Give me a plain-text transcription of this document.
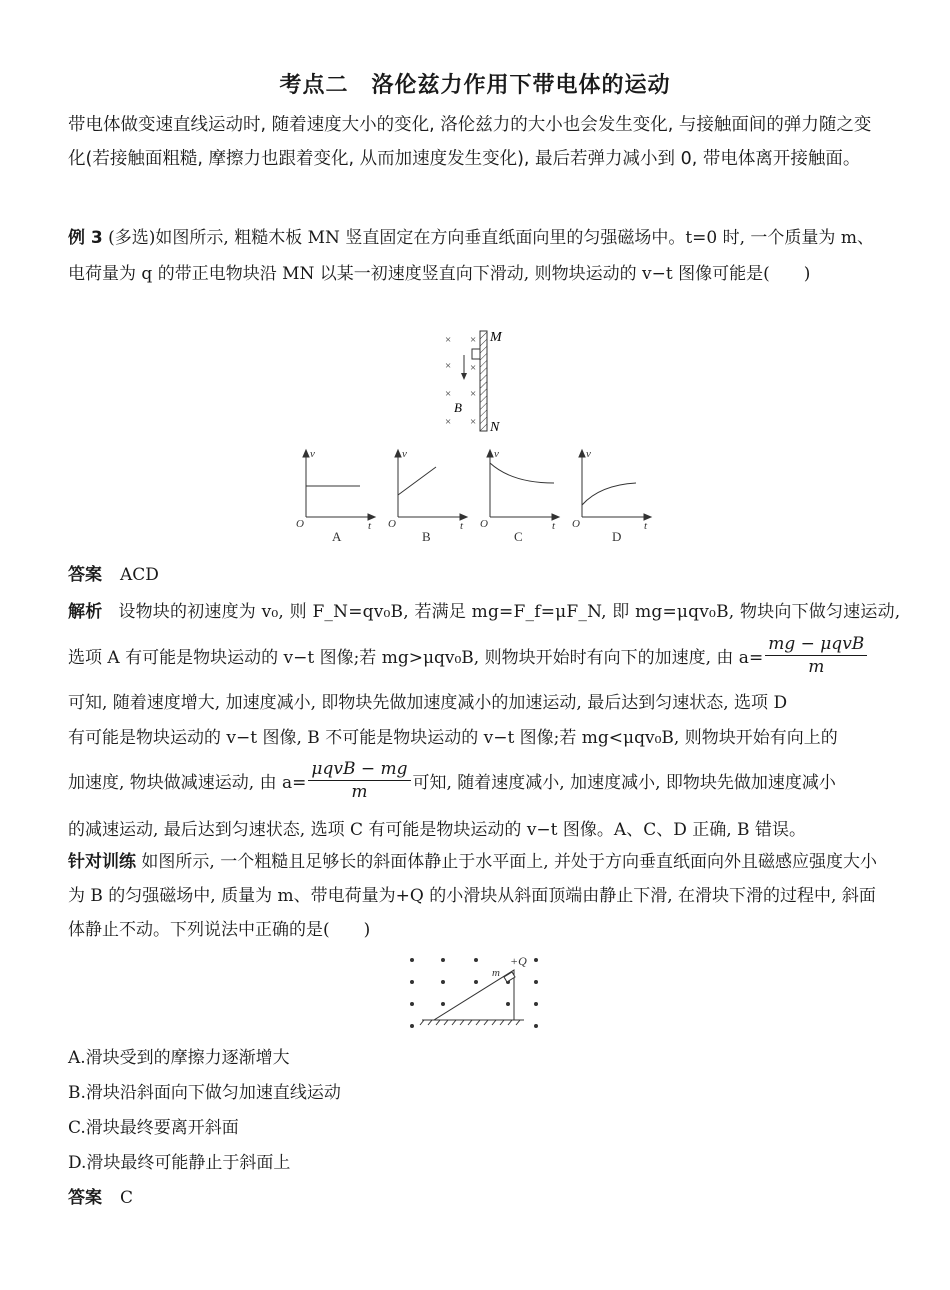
考点二　洛伦兹力作用下带电体的运动
带电体做变速直线运动时, 随着速度大小的变化, 洛伦兹力的大小也会发生变化, 与接触面间的弹力随之变化(若接触面粗糙, 摩擦力也跟着变化, 从而加速度发生变化), 最后若弹力减小到 0, 带电体离开接触面。
例 3 (多选)如图所示, 粗糙木板 MN 竖直固定在方向垂直纸面向里的匀强磁场中。t=0 时, 一个质量为 m、电荷量为 q 的带正电物块沿 MN 以某一初速度竖直向下滑动, 则物块运动的 v−t 图像可能是(　　)
M
N
× ×
× ×
× ×
× ×
B
v	v	v	v
t	t	t	t
O	O	O	O
A	B	C	D
答案 ACD
解析 设物块的初速度为 v₀, 则 F_N=qv₀B, 若满足 mg=F_f=μF_N, 即 mg=μqv₀B, 物块向下做匀速运动,
选项 A 有可能是物块运动的 v−t 图像;若 mg>μqv₀B, 则物块开始时有向下的加速度, 由 $a= \frac{\text{mg − μqvB}}{m}$
可知, 随着速度增大, 加速度减小, 即物块先做加速度减小的加速运动, 最后达到匀速状态, 选项 D
有可能是物块运动的 v−t 图像, B 不可能是物块运动的 v−t 图像;若 mg<μqv₀B, 则物块开始有向上的
加速度, 物块做减速运动, 由 $a= \frac{\text{μqvB − mg}}{m}$ 可知, 随着速度减小, 加速度减小, 即物块先做加速度减小
的减速运动, 最后达到匀速状态, 选项 C 有可能是物块运动的 v−t 图像。A、C、D 正确, B 错误。
针对训练 如图所示, 一个粗糙且足够长的斜面体静止于水平面上, 并处于方向垂直纸面向外且磁感应强度大小为 B 的匀强磁场中, 质量为 m、带电荷量为+Q 的小滑块从斜面顶端由静止下滑, 在滑块下滑的过程中, 斜面体静止不动。下列说法中正确的是(　　)
m
+Q
A.滑块受到的摩擦力逐渐增大
B.滑块沿斜面向下做匀加速直线运动
C.滑块最终要离开斜面
D.滑块最终可能静止于斜面上
答案 C
